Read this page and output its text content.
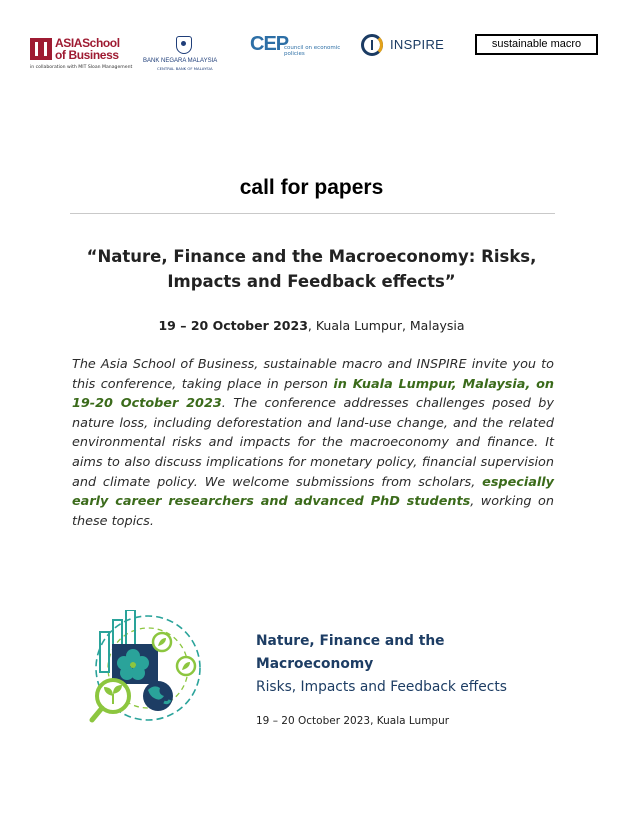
ASIASchool
of Business
in collaboration with MIT Sloan Management
BANK NEGARA MALAYSIA
CENTRAL BANK OF MALAYSIA
CEP
council on economic policies
INSPIRE	sustainable macro
call for papers
“Nature, Finance and the Macroeconomy: Risks, Impacts and Feedback effects”
19 – 20 October 2023, Kuala Lumpur, Malaysia
The Asia School of Business, sustainable macro and INSPIRE invite you to this conference, taking place in person in Kuala Lumpur, Malaysia, on 19-20 October 2023. The conference addresses challenges posed by nature loss, including deforestation and land-use change, and the related environmental risks and impacts for the macroeconomy and finance. It aims to also discuss implications for monetary policy, financial supervision and climate policy. We welcome submissions from scholars, especially early career researchers and advanced PhD students, working on these topics.
Nature, Finance and the
Macroeconomy
Risks, Impacts and Feedback effects
19 – 20 October 2023, Kuala Lumpur
